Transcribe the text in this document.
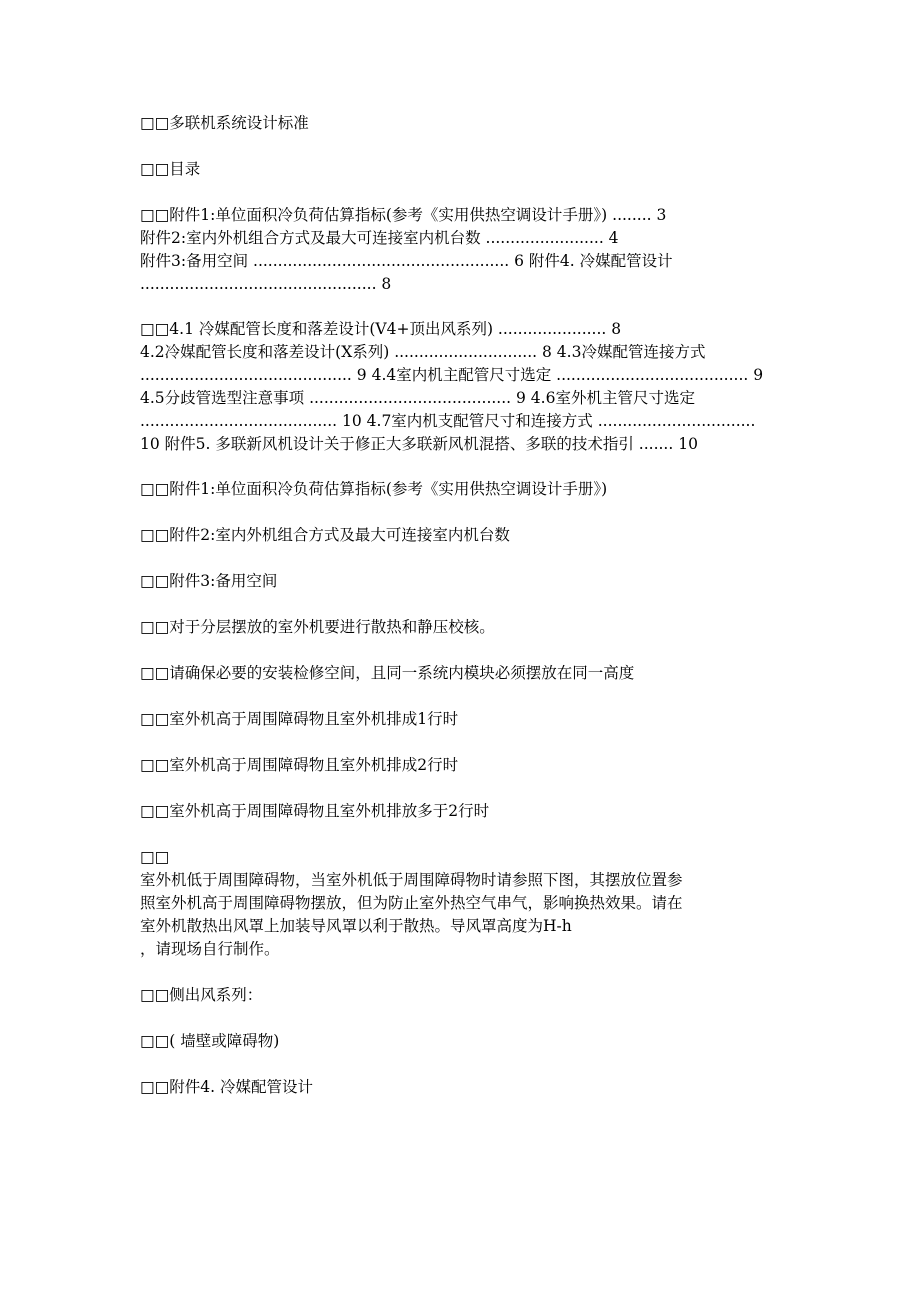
□□多联机系统设计标准

□□目录

□□附件1:单位面积冷负荷估算指标(参考《实用供热空调设计手册》) ........ 3
附件2:室内外机组合方式及最大可连接室内机台数 ........................ 4
附件3:备用空间 .................................................... 6 附件4. 冷媒配管设计
................................................ 8

□□4.1 冷媒配管长度和落差设计(V4+顶出风系列) ...................... 8
4.2冷媒配管长度和落差设计(X系列) ............................. 8 4.3冷媒配管连接方式
........................................... 9 4.4室内机主配管尺寸选定 ....................................... 9
4.5分歧管选型注意事项 ......................................... 9 4.6室外机主管尺寸选定
........................................ 10 4.7室内机支配管尺寸和连接方式 ................................
10 附件5. 多联新风机设计关于修正大多联新风机混搭、多联的技术指引 ....... 10

□□附件1:单位面积冷负荷估算指标(参考《实用供热空调设计手册》)

□□附件2:室内外机组合方式及最大可连接室内机台数

□□附件3:备用空间

□□对于分层摆放的室外机要进行散热和静压校核。

□□请确保必要的安装检修空间，且同一系统内模块必须摆放在同一高度

□□室外机高于周围障碍物且室外机排成1行时

□□室外机高于周围障碍物且室外机排成2行时

□□室外机高于周围障碍物且室外机排放多于2行时

□□
室外机低于周围障碍物，当室外机低于周围障碍物时请参照下图，其摆放位置参
照室外机高于周围障碍物摆放，但为防止室外热空气串气，影响换热效果。请在
室外机散热出风罩上加装导风罩以利于散热。导风罩高度为H-h
，请现场自行制作。

□□侧出风系列：

□□( 墙壁或障碍物)

□□附件4. 冷媒配管设计
